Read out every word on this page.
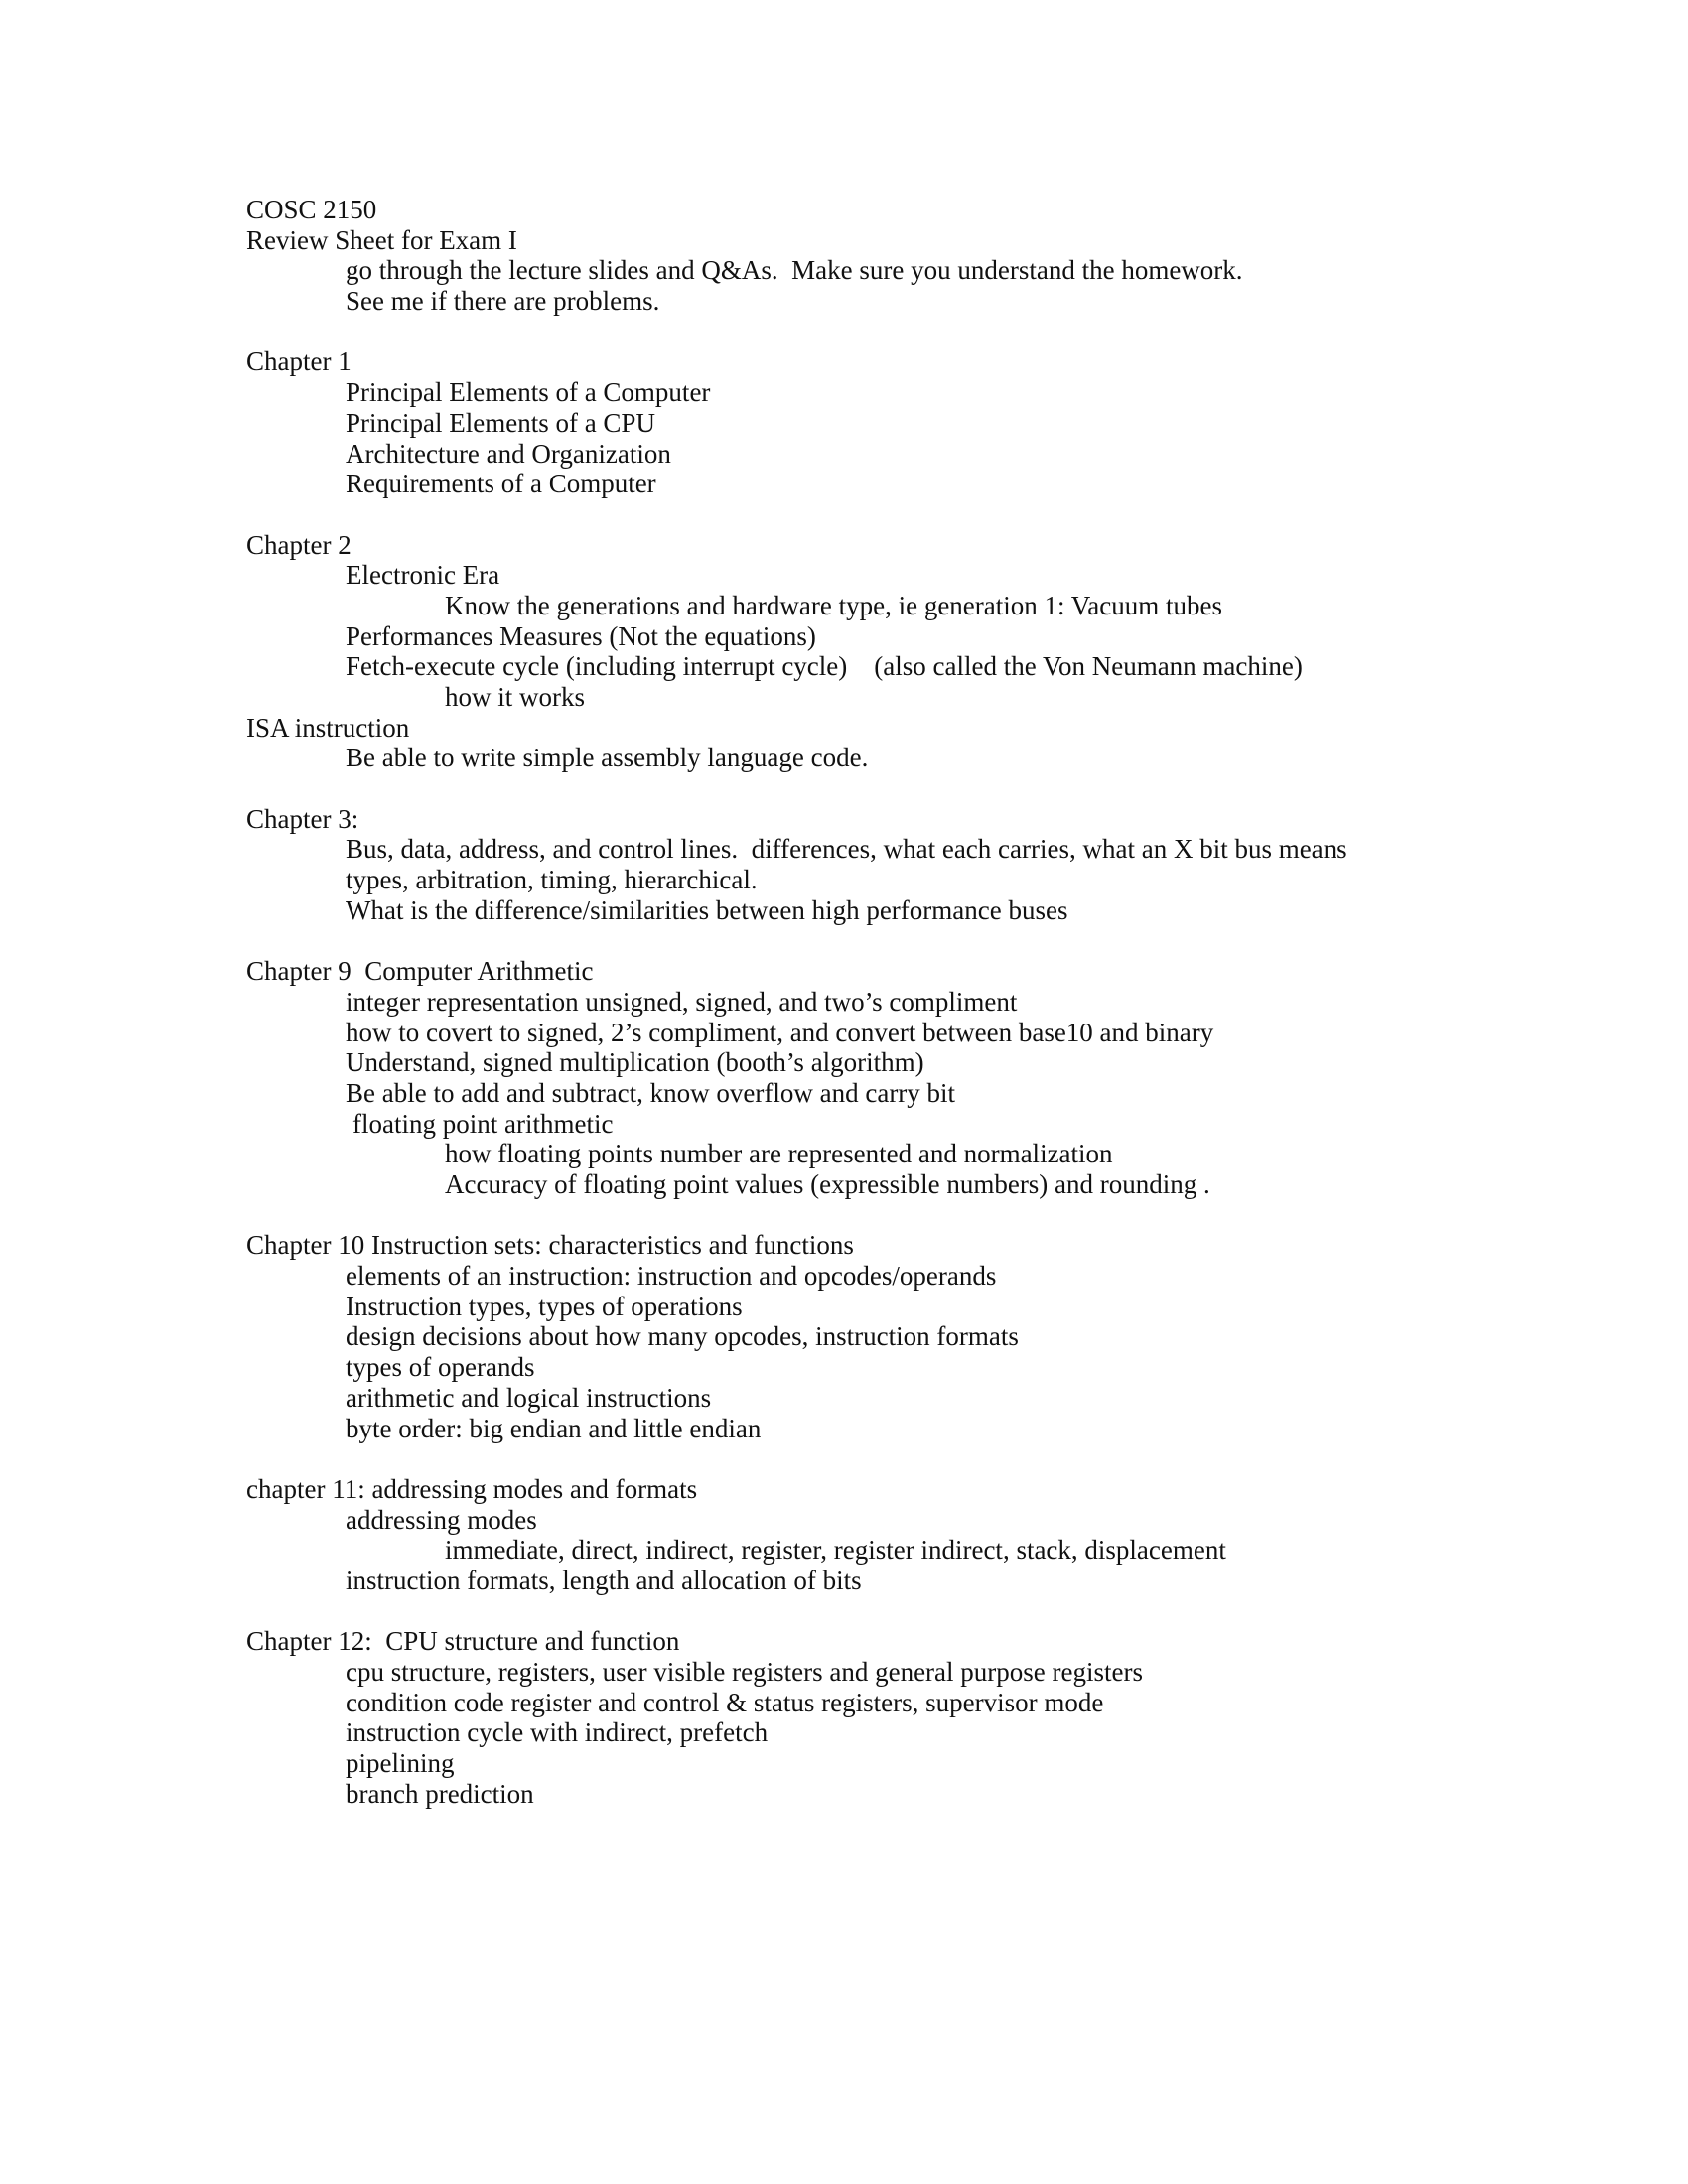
COSC 2150
Review Sheet for Exam I
go through the lecture slides and Q&As.  Make sure you understand the homework.
See me if there are problems.
Chapter 1
Principal Elements of a Computer
Principal Elements of a CPU
Architecture and Organization
Requirements of a Computer
Chapter 2
Electronic Era
Know the generations and hardware type, ie generation 1: Vacuum tubes
Performances Measures (Not the equations)
Fetch-execute cycle (including interrupt cycle)    (also called the Von Neumann machine)
how it works
ISA instruction
Be able to write simple assembly language code.
Chapter 3:
Bus, data, address, and control lines.  differences, what each carries, what an X bit bus means
types, arbitration, timing, hierarchical.
What is the difference/similarities between high performance buses
Chapter 9  Computer Arithmetic
integer representation unsigned, signed, and two’s compliment
how to covert to signed, 2’s compliment, and convert between base10 and binary
Understand, signed multiplication (booth’s algorithm)
Be able to add and subtract, know overflow and carry bit
floating point arithmetic
how floating points number are represented and normalization
Accuracy of floating point values (expressible numbers) and rounding .
Chapter 10 Instruction sets: characteristics and functions
elements of an instruction: instruction and opcodes/operands
Instruction types, types of operations
design decisions about how many opcodes, instruction formats
types of operands
arithmetic and logical instructions
byte order: big endian and little endian
chapter 11: addressing modes and formats
addressing modes
immediate, direct, indirect, register, register indirect, stack, displacement
instruction formats, length and allocation of bits
Chapter 12:  CPU structure and function
cpu structure, registers, user visible registers and general purpose registers
condition code register and control & status registers, supervisor mode
instruction cycle with indirect, prefetch
pipelining
branch prediction
